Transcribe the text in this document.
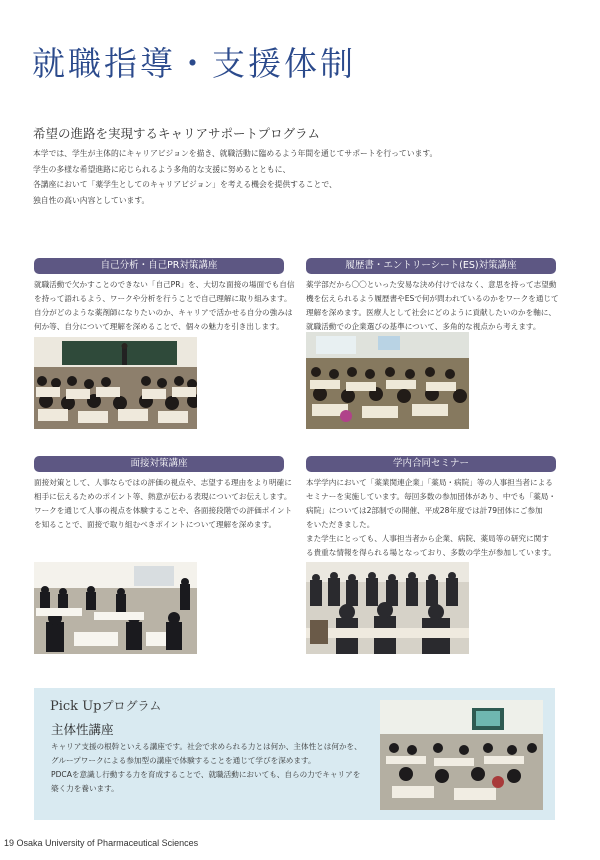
就職指導・支援体制
希望の進路を実現するキャリアサポートプログラム

本学では、学生が主体的にキャリアビジョンを描き、就職活動に臨めるよう年間を通じてサポートを行っています。

学生の多様な希望進路に応じられるよう多角的な支援に努めるとともに、

各講座において「薬学生としてのキャリアビジョン」を考える機会を提供することで、

独自性の高い内容としています。

自己分析・自己PR対策講座

就職活動で欠かすことのできない「自己PR」を、大切な面接の場面でも自信

を持って語れるよう、ワークや分析を行うことで自己理解に取り組みます。

自分がどのような薬剤師になりたいのか、キャリアで活かせる自分の強みは

何か等、自分について理解を深めることで、個々の魅力を引き出します。

履歴書・エントリーシート(ES)対策講座

薬学部だから〇〇といった安易な決め付けではなく、意思を持って志望動

機を伝えられるよう履歴書やESで何が問われているのかをワークを通じて

理解を深めます。医療人として社会にどのように貢献したいのかを軸に、

就職活動での企業選びの基準について、多角的な視点から考えます。

面接対策講座

面接対策として、人事ならではの評価の視点や、志望する理由をより明確に

相手に伝えるためのポイント等、熱意が伝わる表現についてお伝えします。

ワークを通じて人事の視点を体験することや、各面接段階での評価ポイント

を知ることで、面接で取り組むべきポイントについて理解を深めます。

学内合同セミナー

本学学内において「薬業関連企業」「薬局・病院」等の人事担当者による

セミナーを実施しています。毎回多数の参加団体があり、中でも「薬局・

病院」については2部制での開催、平成28年度では計79団体にご参加

をいただきました。

また学生にとっても、人事担当者から企業、病院、薬局等の研究に関す

る貴重な情報を得られる場となっており、多数の学生が参加しています。

Pick Upプログラム
主体性講座

キャリア支援の根幹といえる講座です。社会で求められる力とは何か、主体性とは何かを、

グループワークによる参加型の講座で体験することを通じて学びを深めます。

PDCAを意識し行動する力を育成することで、就職活動においても、自らの力でキャリアを

築く力を養います。

19 Osaka University of Pharmaceutical Sciences
